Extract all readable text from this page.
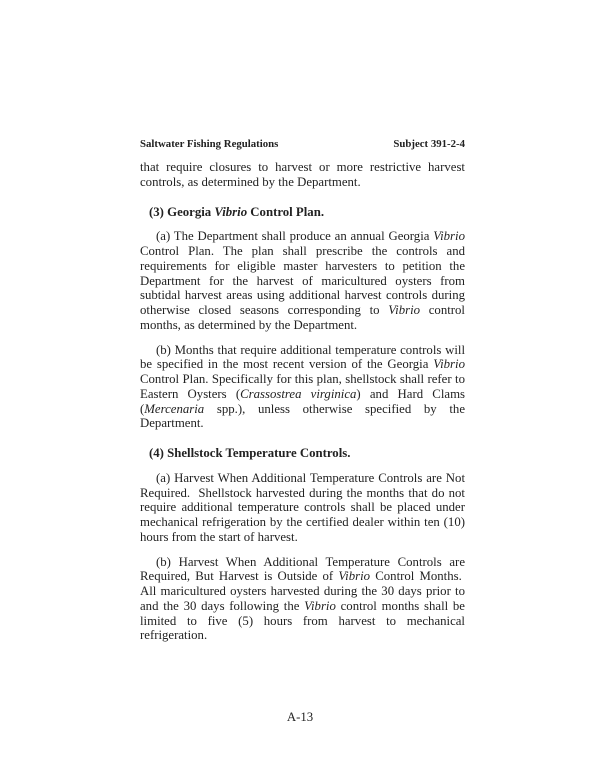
Saltwater Fishing Regulations	Subject 391-2-4

that require closures to harvest or more restrictive harvest controls, as determined by the Department.

(3) Georgia Vibrio Control Plan.

(a) The Department shall produce an annual Georgia Vibrio Control Plan. The plan shall prescribe the controls and requirements for eligible master harvesters to petition the Department for the harvest of maricultured oysters from subtidal harvest areas using additional harvest controls during otherwise closed seasons corresponding to Vibrio control months, as determined by the Department.

(b) Months that require additional temperature controls will be specified in the most recent version of the Georgia Vibrio Control Plan. Specifically for this plan, shellstock shall refer to Eastern Oysters (Crassostrea virginica) and Hard Clams (Mercenaria spp.), unless otherwise specified by the Department.

(4) Shellstock Temperature Controls.

(a) Harvest When Additional Temperature Controls are Not Required.  Shellstock harvested during the months that do not require additional temperature controls shall be placed under mechanical refrigeration by the certified dealer within ten (10) hours from the start of harvest.

(b) Harvest When Additional Temperature Controls are Required, But Harvest is Outside of Vibrio Control Months.  All maricultured oysters harvested during the 30 days prior to and the 30 days following the Vibrio control months shall be limited to five (5) hours from harvest to mechanical refrigeration.

A-13
